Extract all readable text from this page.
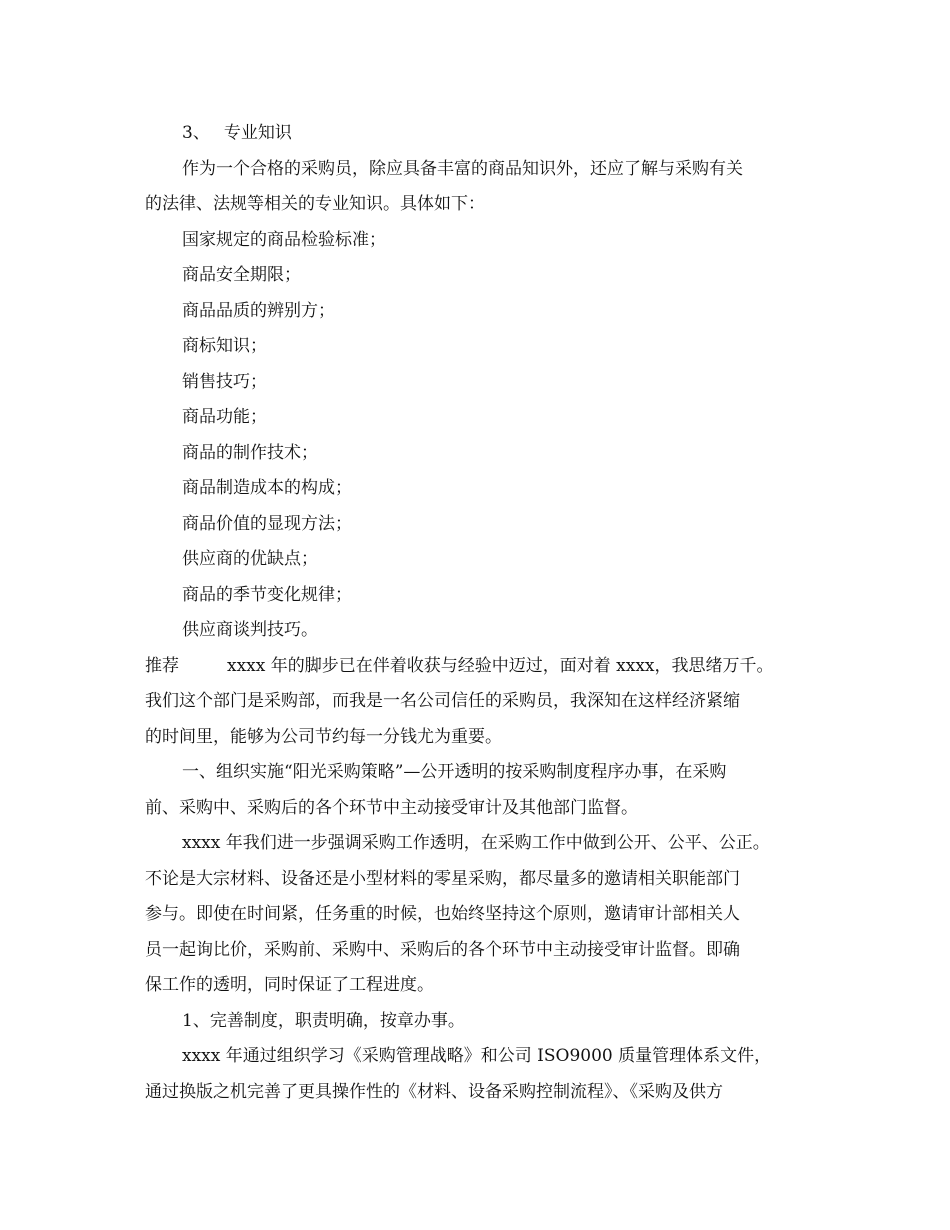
3、 专业知识

作为一个合格的采购员，除应具备丰富的商品知识外，还应了解与采购有关

的法律、法规等相关的专业知识。具体如下：

国家规定的商品检验标准；

商品安全期限；

商品品质的辨别方；

商标知识；

销售技巧；

商品功能；

商品的制作技术；

商品制造成本的构成；

商品价值的显现方法；

供应商的优缺点；

商品的季节变化规律；

供应商谈判技巧。

推荐	xxxx 年的脚步已在伴着收获与经验中迈过，面对着 xxxx，我思绪万千。

我们这个部门是采购部，而我是一名公司信任的采购员，我深知在这样经济紧缩

的时间里，能够为公司节约每一分钱尤为重要。

一、组织实施“阳光采购策略”—公开透明的按采购制度程序办事，在采购

前、采购中、采购后的各个环节中主动接受审计及其他部门监督。

xxxx 年我们进一步强调采购工作透明，在采购工作中做到公开、公平、公正。

不论是大宗材料、设备还是小型材料的零星采购，都尽量多的邀请相关职能部门

参与。即使在时间紧，任务重的时候，也始终坚持这个原则，邀请审计部相关人

员一起询比价，采购前、采购中、采购后的各个环节中主动接受审计监督。即确

保工作的透明，同时保证了工程进度。

1、完善制度，职责明确，按章办事。

xxxx 年通过组织学习《采购管理战略》和公司 ISO9000 质量管理体系文件，

通过换版之机完善了更具操作性的《材料、设备采购控制流程》、《采购及供方
